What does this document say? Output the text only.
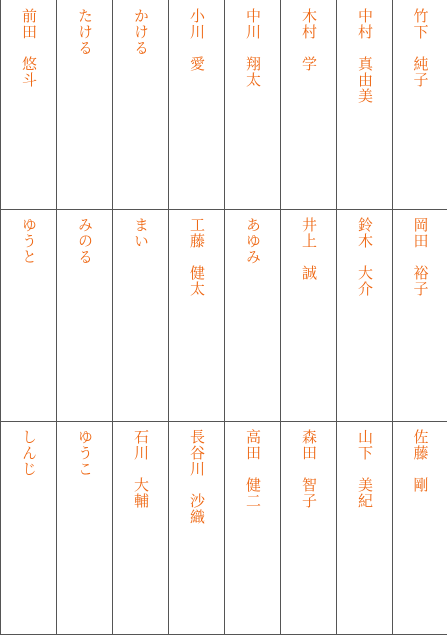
竹下　純子
岡田　裕子
佐藤　剛
中村　真由美
鈴木　大介
山下　美紀
木村　学
井上　誠
森田　智子
中川　翔太
あゆみ
高田　健二
小川　愛
工藤　健太
長谷川　沙織
かける
まい
石川　大輔
たける
みのる
ゆうこ
前田　悠斗
ゆうと
しんじ
